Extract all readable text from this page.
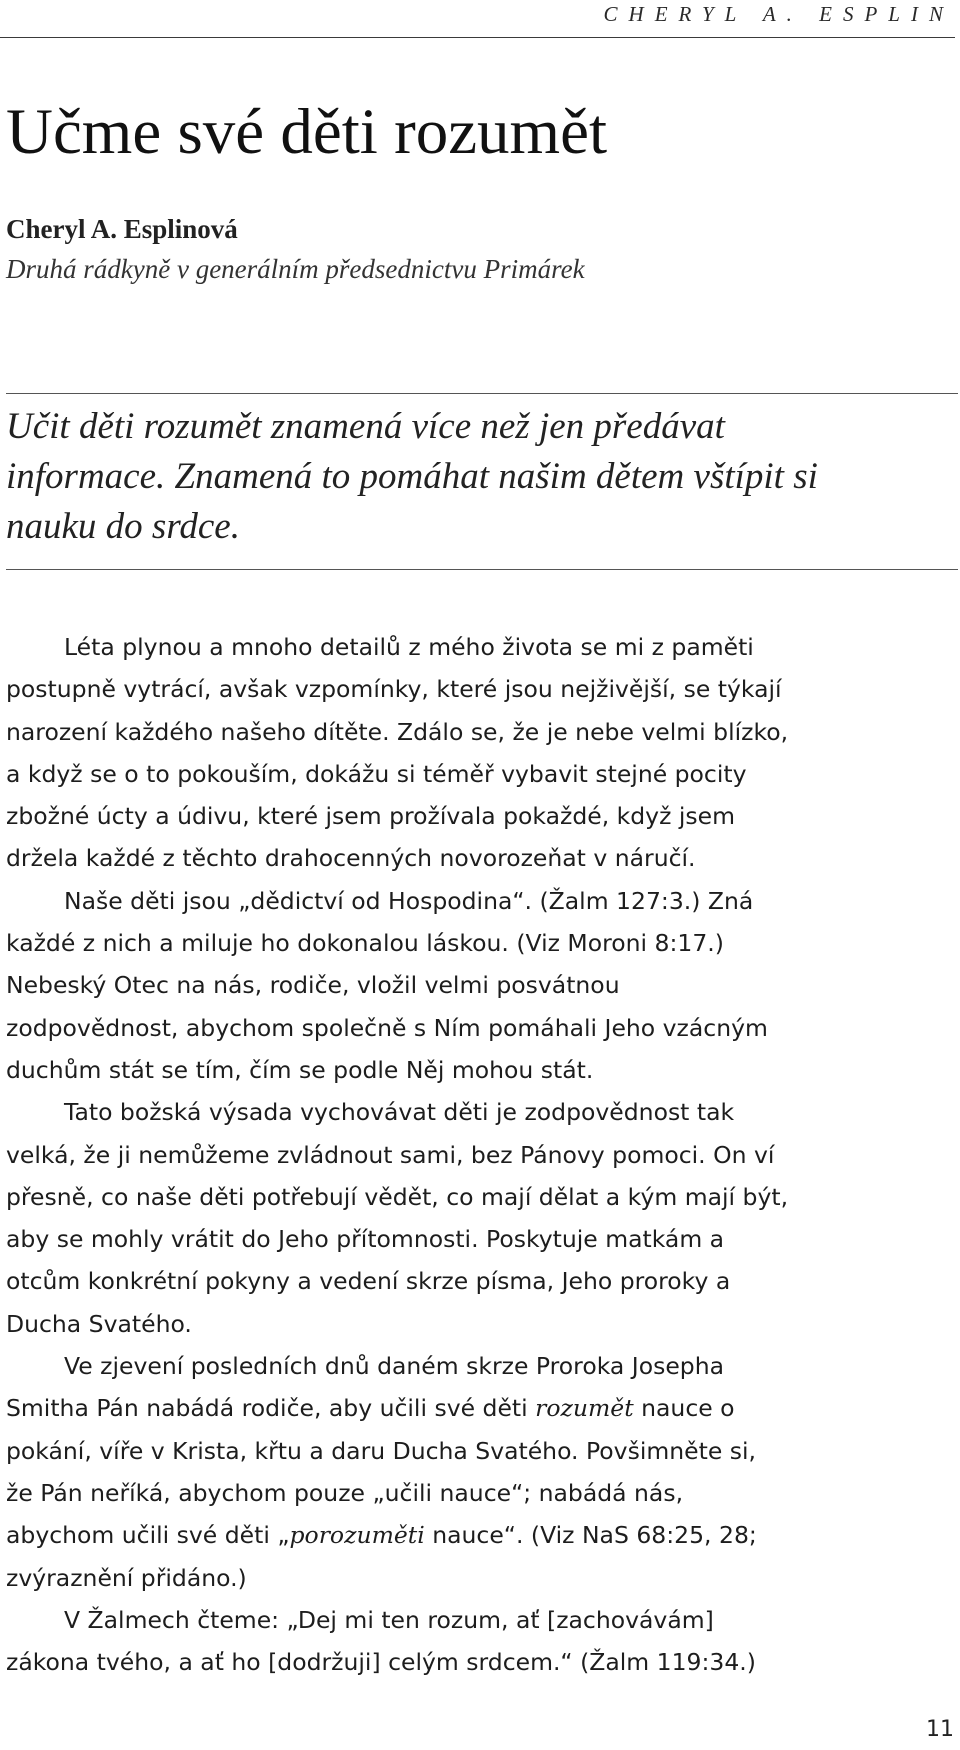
CHERYL A. ESPLIN
Učme své děti rozumět
Cheryl A. Esplinová
Druhá rádkyně v generálním předsednictvu Primárek
Učit děti rozumět znamená více než jen předávat
informace. Znamená to pomáhat našim dětem vštípit si
nauku do srdce.
Léta plynou a mnoho detailů z mého života se mi z paměti
postupně vytrácí, avšak vzpomínky, které jsou nejživější, se týkají
narození každého našeho dítěte. Zdálo se, že je nebe velmi blízko,
a když se o to pokouším, dokážu si téměř vybavit stejné pocity
zbožné úcty a údivu, které jsem prožívala pokaždé, když jsem
držela každé z těchto drahocenných novorozeňat v náručí.
Naše děti jsou „dědictví od Hospodina“. (Žalm 127:3.) Zná
každé z nich a miluje ho dokonalou láskou. (Viz Moroni 8:17.)
Nebeský Otec na nás, rodiče, vložil velmi posvátnou
zodpovědnost, abychom společně s Ním pomáhali Jeho vzácným
duchům stát se tím, čím se podle Něj mohou stát.
Tato božská výsada vychovávat děti je zodpovědnost tak
velká, že ji nemůžeme zvládnout sami, bez Pánovy pomoci. On ví
přesně, co naše děti potřebují vědět, co mají dělat a kým mají být,
aby se mohly vrátit do Jeho přítomnosti. Poskytuje matkám a
otcům konkrétní pokyny a vedení skrze písma, Jeho proroky a
Ducha Svatého.
Ve zjevení posledních dnů daném skrze Proroka Josepha
Smitha Pán nabádá rodiče, aby učili své děti rozumět nauce o
pokání, víře v Krista, křtu a daru Ducha Svatého. Povšimněte si,
že Pán neříká, abychom pouze „učili nauce“; nabádá nás,
abychom učili své děti „porozuměti nauce“. (Viz NaS 68:25, 28;
zvýraznění přidáno.)
V Žalmech čteme: „Dej mi ten rozum, ať [zachovávám]
zákona tvého, a ať ho [dodržuji] celým srdcem.“ (Žalm 119:34.)
11
